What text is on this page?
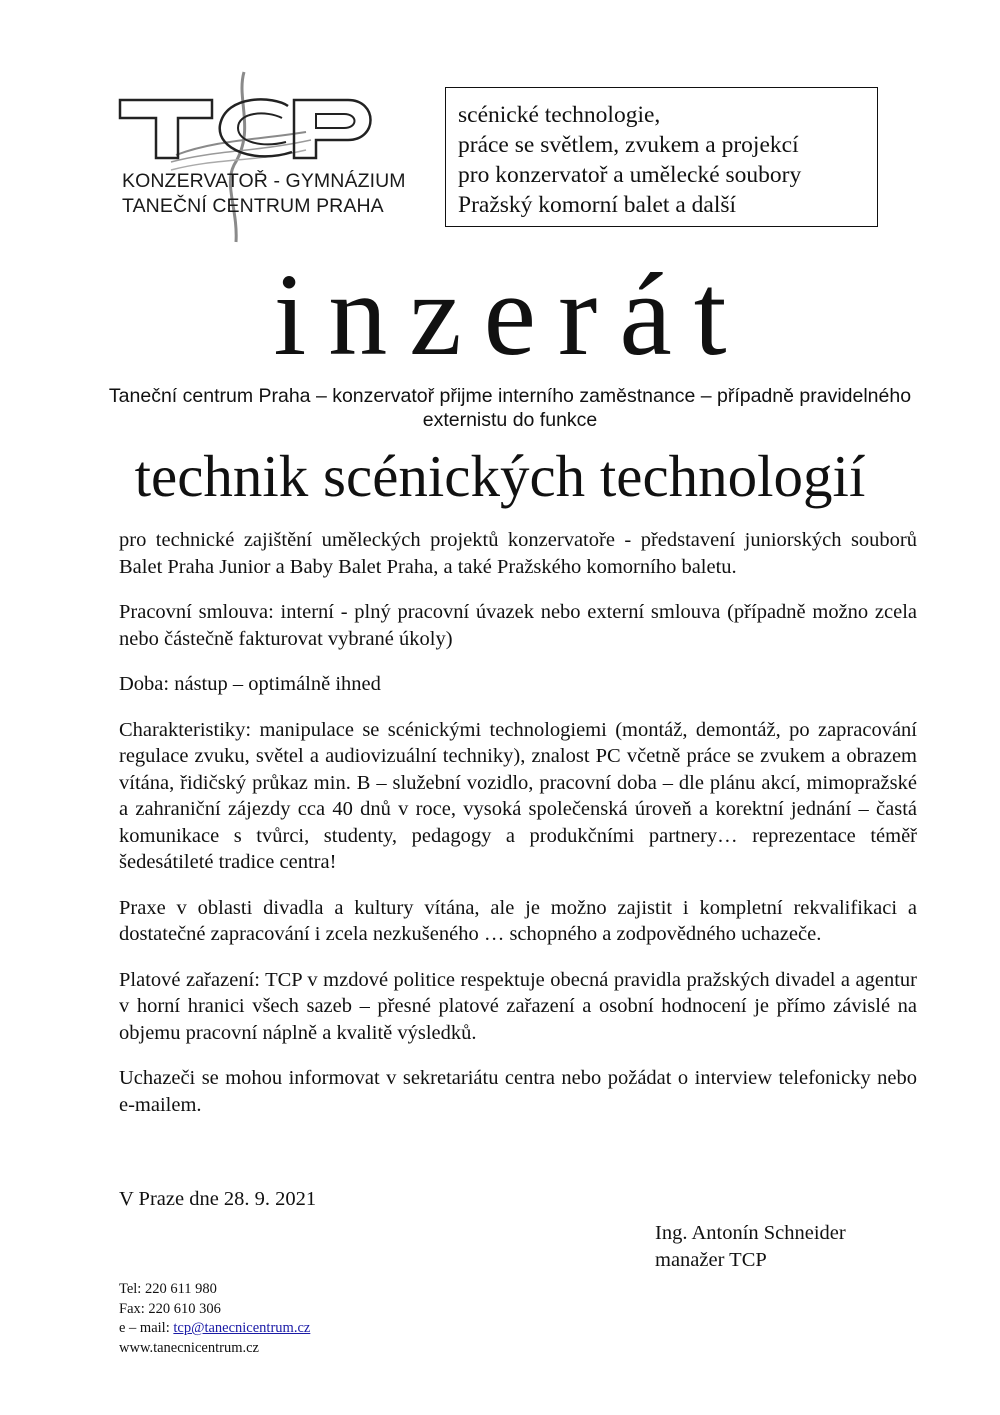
KONZERVATOŘ - GYMNÁZIUM
TANEČNÍ CENTRUM PRAHA
scénické technologie,
práce se světlem, zvukem a projekcí
pro konzervatoř a umělecké soubory
Pražský komorní balet a další
inzerát
Taneční centrum Praha – konzervatoř přijme interního zaměstnance – případně pravidelného externistu do funkce
technik scénických technologií

pro technické zajištění uměleckých projektů konzervatoře - představení juniorských souborů Balet Praha Junior a Baby Balet Praha, a také Pražského komorního baletu.

Pracovní smlouva: interní - plný pracovní úvazek nebo externí smlouva (případně možno zcela nebo částečně fakturovat vybrané úkoly)

Doba: nástup – optimálně ihned

Charakteristiky: manipulace se scénickými technologiemi (montáž, demontáž, po zapracování regulace zvuku, světel a audiovizuální techniky), znalost PC včetně práce se zvukem a obrazem vítána, řidičský průkaz min. B – služební vozidlo, pracovní doba – dle plánu akcí, mimopražské a zahraniční zájezdy cca 40 dnů v roce, vysoká společenská úroveň a korektní jednání – častá komunikace s tvůrci, studenty, pedagogy a produkčními partnery… reprezentace téměř šedesátileté tradice centra!

Praxe v oblasti divadla a kultury vítána, ale je možno zajistit i kompletní rekvalifikaci a dostatečné zapracování i zcela nezkušeného … schopného a zodpovědného uchazeče.

Platové zařazení: TCP v mzdové politice respektuje obecná pravidla pražských divadel a agentur v horní hranici všech sazeb – přesné platové zařazení a osobní hodnocení je přímo závislé na objemu pracovní náplně a kvalitě výsledků.

Uchazeči se mohou informovat v sekretariátu centra nebo požádat o interview telefonicky nebo e-mailem.

V Praze dne 28. 9. 2021
Ing. Antonín Schneider
manažer TCP
Tel: 220 611 980
Fax: 220 610 306
e – mail: tcp@tanecnicentrum.cz
www.tanecnicentrum.cz
